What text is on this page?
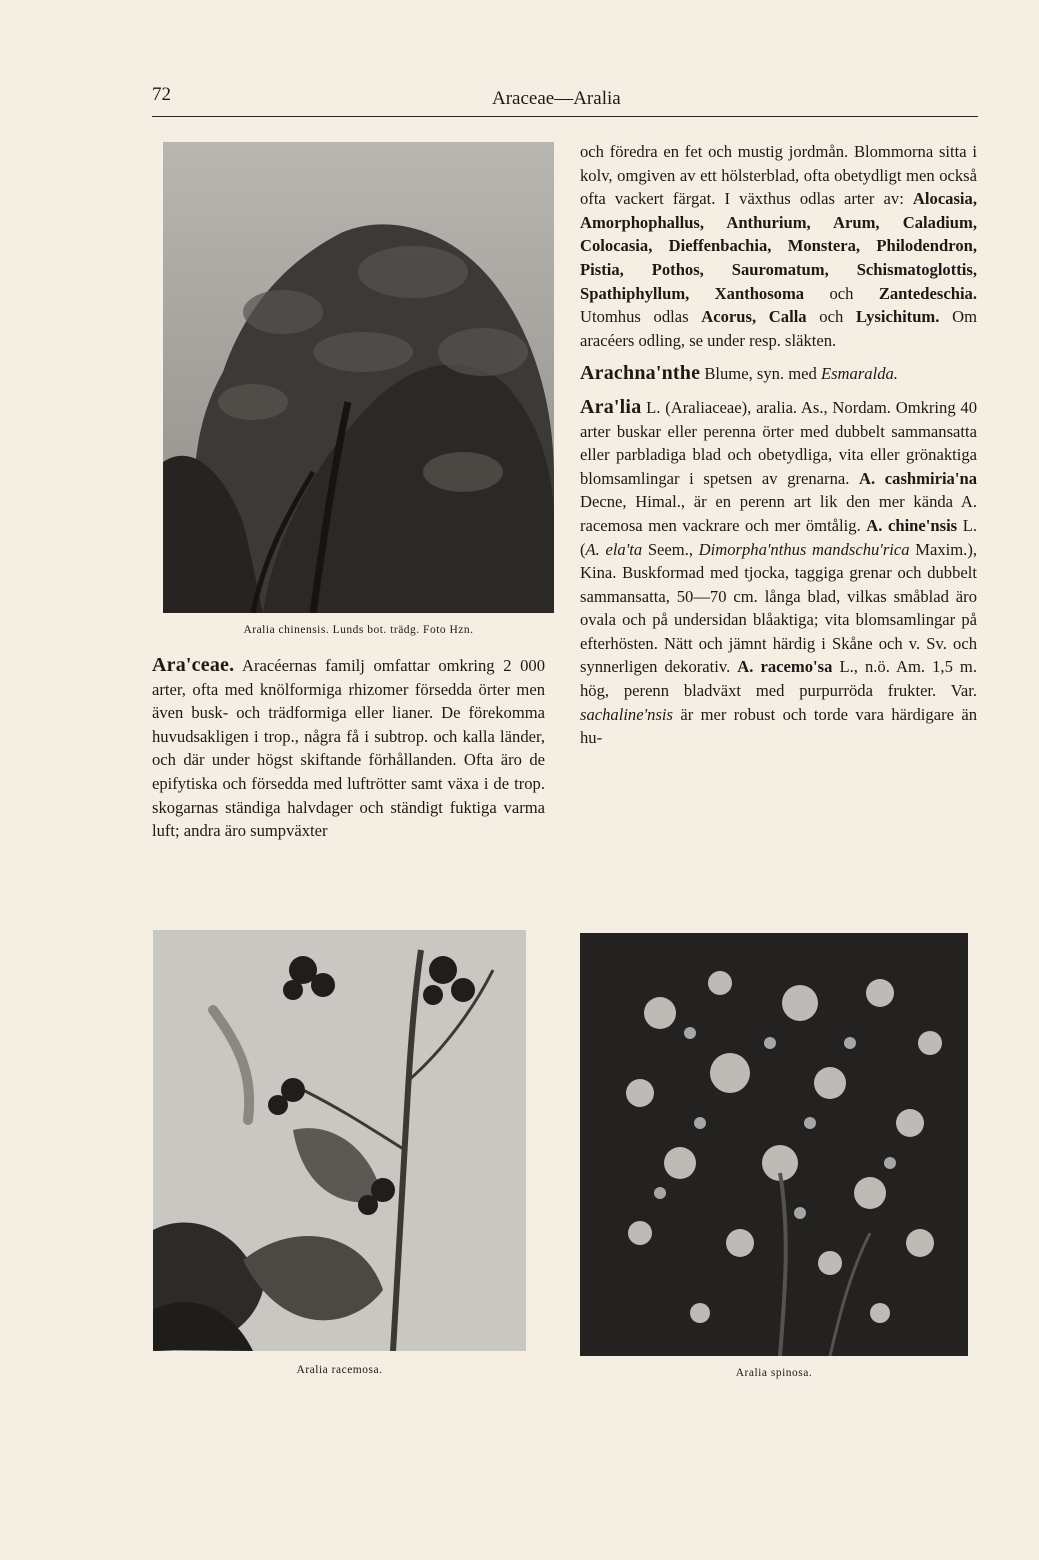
72	Araceae—Aralia
Aralia chinensis. Lunds bot. trädg. Foto Hzn.

Ara'ceae. Aracéernas familj omfattar omkring 2 000 arter, ofta med knölformiga rhizomer försedda örter men även busk- och trädformiga eller lianer. De förekomma huvudsakligen i trop., några få i subtrop. och kalla länder, och där under högst skiftande förhållanden. Ofta äro de epifytiska och försedda med luftrötter samt växa i de trop. skogarnas ständiga halvdager och ständigt fuktiga varma luft; andra äro sumpväxter

och föredra en fet och mustig jordmån. Blommorna sitta i kolv, omgiven av ett hölsterblad, ofta obetydligt men också ofta vackert färgat. I växthus odlas arter av: Alocasia, Amorphophallus, Anthurium, Arum, Caladium, Colocasia, Dieffenbachia, Monstera, Philodendron, Pistia, Pothos, Sauromatum, Schismatoglottis, Spathiphyllum, Xanthosoma och Zantedeschia. Utomhus odlas Acorus, Calla och Lysichitum. Om aracéers odling, se under resp. släkten.

Arachna'nthe Blume, syn. med Esmaralda.

Ara'lia L. (Araliaceae), aralia. As., Nordam. Omkring 40 arter buskar eller perenna örter med dubbelt sammansatta eller parbladiga blad och obetydliga, vita eller grönaktiga blomsamlingar i spetsen av grenarna. A. cashmiria'na Decne, Himal., är en perenn art lik den mer kända A. racemosa men vackrare och mer ömtålig. A. chine'nsis L. (A. ela'ta Seem., Dimorpha'nthus mandschu'rica Maxim.), Kina. Buskformad med tjocka, taggiga grenar och dubbelt sammansatta, 50—70 cm. långa blad, vilkas småblad äro ovala och på undersidan blåaktiga; vita blomsamlingar på efterhösten. Nätt och jämnt härdig i Skåne och v. Sv. och synnerligen dekorativ. A. racemo'sa L., n.ö. Am. 1,5 m. hög, perenn bladväxt med purpurröda frukter. Var. sachaline'nsis är mer robust och torde vara härdigare än hu-

Aralia racemosa.	Aralia spinosa.
